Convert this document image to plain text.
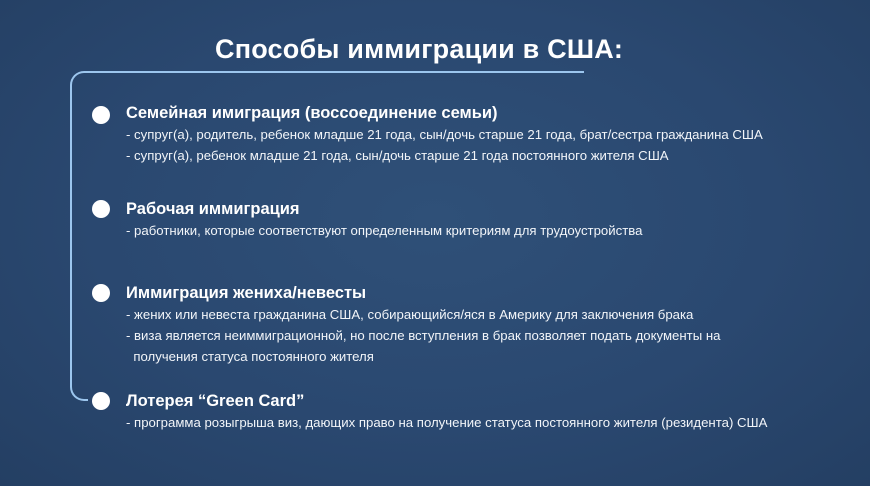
Способы иммиграции в США:
Семейная имиграция (воссоединение семьи)
- супруг(а), родитель, ребенок младше 21 года, сын/дочь старше 21 года, брат/сестра гражданина США
- супруг(а), ребенок младше 21 года, сын/дочь старше 21 года постоянного жителя США
Рабочая иммиграция
- работники, которые соответствуют определенным критериям для трудоустройства
Иммиграция жениха/невесты
- жених или невеста гражданина США, собирающийся/яся в Америку для заключения брака
- виза является неиммиграционной, но после вступления в брак позволяет подать документы на
получения статуса постоянного жителя
Лотерея “Green Card”
- программа розыгрыша виз, дающих право на получение статуса постоянного жителя (резидента) США
